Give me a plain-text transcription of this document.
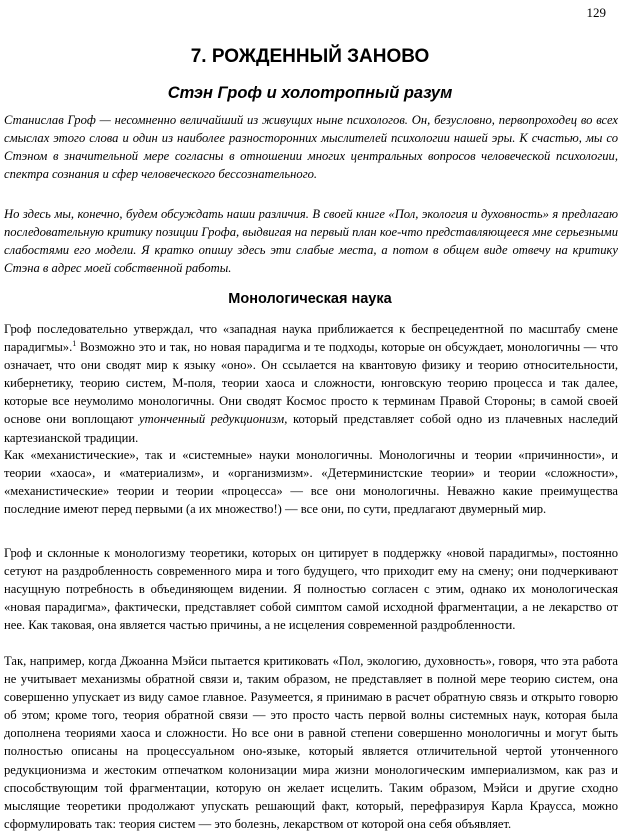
129
7. РОЖДЕННЫЙ ЗАНОВО
Стэн Гроф и холотропный разум

Станислав Гроф — несомненно величайший из живущих ныне психологов. Он, безусловно, первопроходец во всех смыслах этого слова и один из наиболее разносторонних мыслителей психологии нашей эры. К счастью, мы со Стэном в значительной мере согласны в отношении многих центральных вопросов человеческой психологии, спектра сознания и сфер человеческого бессознательного.

Но здесь мы, конечно, будем обсуждать наши различия. В своей книге «Пол, экология и духовность» я предлагаю последовательную критику позиции Грофа, выдвигая на первый план кое-что представляющееся мне серьезными слабостями его модели. Я кратко опишу здесь эти слабые места, а потом в общем виде отвечу на критику Стэна в адрес моей собственной работы.

Монологическая наука

Гроф последовательно утверждал, что «западная наука приближается к беспрецедентной по масштабу смене парадигмы».$^1$ Возможно это и так, но новая парадигма и те подходы, которые он обсуждает, монологичны — что означает, что они сводят мир к языку «оно». Он ссылается на квантовую физику и теорию относительности, кибернетику, теорию систем, М-поля, теории хаоса и сложности, юнговскую теорию процесса и так далее, которые все неумолимо монологичны. Они сводят Космос просто к терминам Правой Стороны; в самой своей основе они воплощают утонченный редукционизм, который представляет собой одно из плачевных наследий картезианской традиции.

Как «механистические», так и «системные» науки монологичны. Монологичны и теории «причинности», и теории «хаоса», и «материализм», и «организмизм». «Детерминистские теории» и теории «сложности», «механистические» теории и теории «процесса» — все они монологичны. Неважно какие преимущества последние имеют перед первыми (а их множество!) — все они, по сути, предлагают двумерный мир.

Гроф и склонные к монологизму теоретики, которых он цитирует в поддержку «новой парадигмы», постоянно сетуют на раздробленность современного мира и того будущего, что приходит ему на смену; они подчеркивают насущную потребность в объединяющем видении. Я полностью согласен с этим, однако их монологическая «новая парадигма», фактически, представляет собой симптом самой исходной фрагментации, а не лекарство от нее. Как таковая, она является частью причины, а не исцеления современной раздробленности.

Так, например, когда Джоанна Мэйси пытается критиковать «Пол, экологию, духовность», говоря, что эта работа не учитывает механизмы обратной связи и, таким образом, не представляет в полной мере теорию систем, она совершенно упускает из виду самое главное. Разумеется, я принимаю в расчет обратную связь и открыто говорю об этом; кроме того, теория обратной связи — это просто часть первой волны системных наук, которая была дополнена теориями хаоса и сложности. Но все они в равной степени совершенно монологичны и могут быть полностью описаны на процессуальном оно-языке, который является отличительной чертой утонченного редукционизма и жестоким отпечатком колонизации мира жизни монологическим империализмом, как раз и способствующим той фрагментации, которую он желает исцелить. Таким образом, Мэйси и другие сходно мыслящие теоретики продолжают упускать решающий факт, который, перефразируя Карла Краусса, можно сформулировать так: теория систем — это болезнь, лекарством от которой она себя объявляет.
